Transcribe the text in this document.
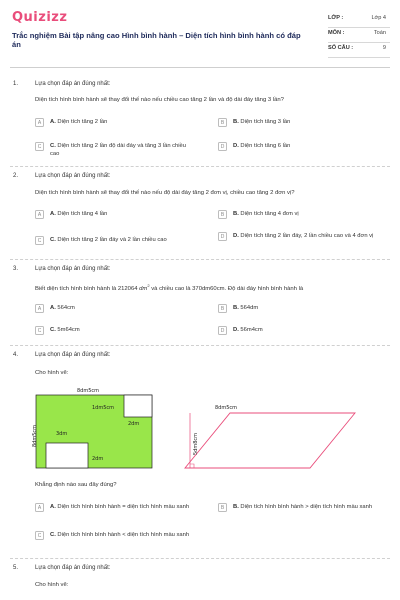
Quizizz
Trắc nghiệm Bài tập nâng cao Hình bình hành – Diện tích hình bình hành có đáp án
LỚP :	Lớp 4
MÔN :	Toán
SỐ CÂU :	9
1.	Lựa chọn đáp án đúng nhất:
Diện tích hình bình hành sẽ thay đổi thế nào nếu chiều cao tăng 2 lần và độ dài đáy tăng 3 lần?
A	A. Diện tích tăng 2 lần	B	B. Diện tích tăng 3 lần
C	C. Diện tích tăng 2 lần độ dài đáy và tăng 3 lần chiều cao
D	D. Diện tích tăng 6 lần
2.	Lựa chọn đáp án đúng nhất:
Diện tích hình bình hành sẽ thay đổi thế nào nếu độ dài đáy tăng 2 đơn vị, chiều cao tăng 2 đơn vị?
A	A. Diện tích tăng 4 lần	B	B. Diện tích tăng 4 đơn vị
C	C. Diện tích tăng 2 lần đáy và 2 lần chiều cao	D	D. Diện tích tăng 2 lần đáy, 2 lần chiều cao và 4 đơn vị
3.	Lựa chọn đáp án đúng nhất:
Biết diện tích hình bình hành là 212064 $dm^2$ và chiều cao là 370dm60cm. Độ dài đáy hình bình hành là
A	A. 564cm	B	B. 564dm
C	C. 5m64cm	D	D. 56m4cm
4.	Lựa chọn đáp án đúng nhất:
Cho hình vẽ:
8dm5cm
8dm5cm
1dm5cm
2dm
3dm
2dm
8dm5cm
5dm8cm
Khẳng định nào sau đây đúng?
A	A. Diện tích hình bình hành = diện tích hình màu xanh	B	B. Diện tích hình bình hành > diện tích hình màu xanh
C	C. Diện tích hình bình hành < diện tích hình màu xanh
5.	Lựa chọn đáp án đúng nhất:
Cho hình vẽ:
